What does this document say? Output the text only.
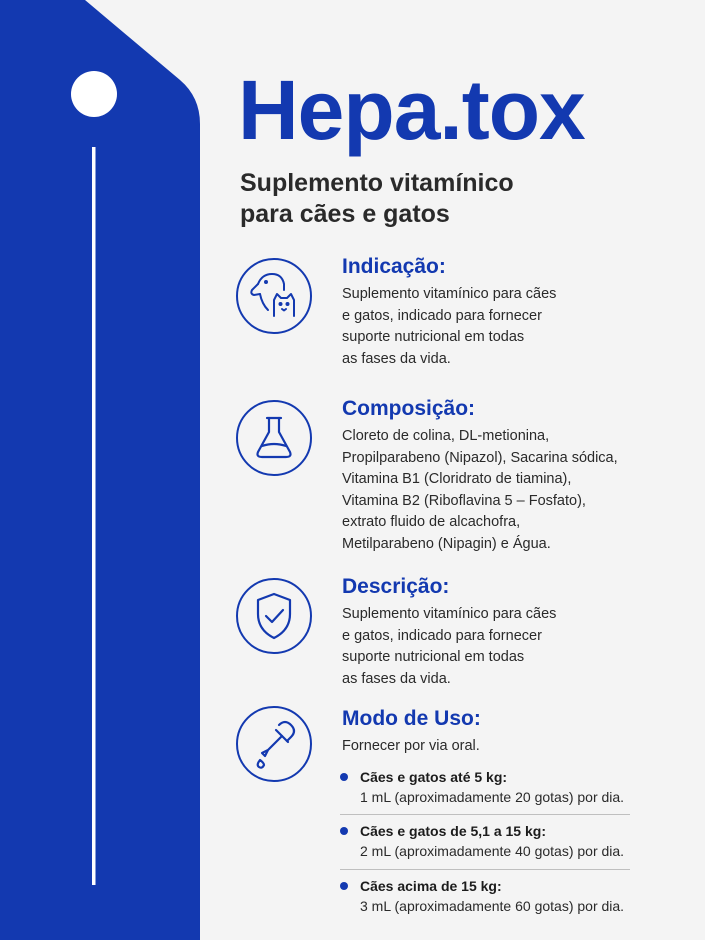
Hepa.tox
Suplemento vitamínico
para cães e gatos
Indicação:
Suplemento vitamínico para cães
e gatos, indicado para fornecer
suporte nutricional em todas
as fases da vida.
Composição:
Cloreto de colina, DL-metionina,
Propilparabeno (Nipazol), Sacarina sódica,
Vitamina B1 (Cloridrato de tiamina),
Vitamina B2 (Riboflavina 5 – Fosfato),
extrato fluido de alcachofra,
Metilparabeno (Nipagin) e Água.
Descrição:
Suplemento vitamínico para cães
e gatos, indicado para fornecer
suporte nutricional em todas
as fases da vida.
Modo de Uso:
Fornecer por via oral.
Cães e gatos até 5 kg:
1 mL (aproximadamente 20 gotas) por dia.
Cães e gatos de 5,1 a 15 kg:
2 mL (aproximadamente 40 gotas) por dia.
Cães acima de 15 kg:
3 mL (aproximadamente 60 gotas) por dia.
